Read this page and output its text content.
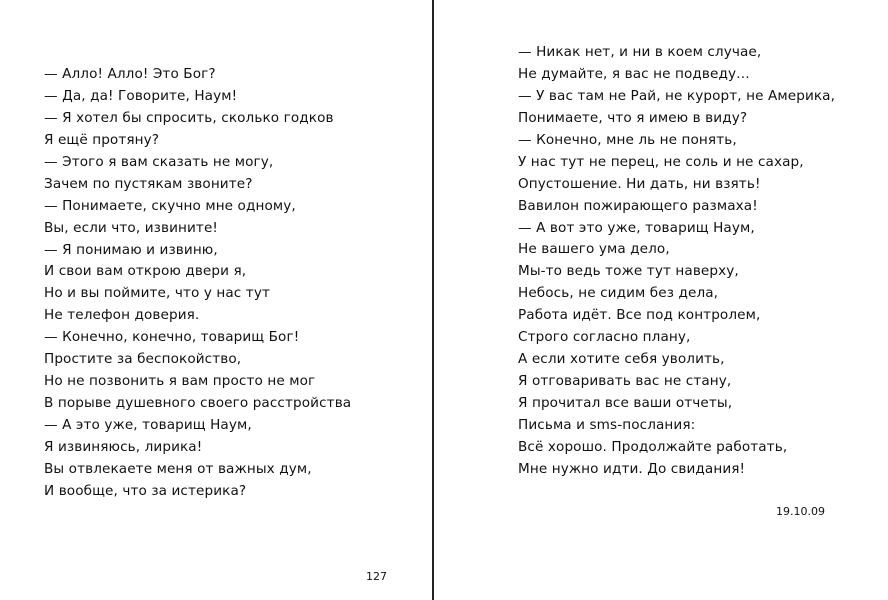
— Алло! Алло! Это Бог?
— Да, да! Говорите, Наум!
— Я хотел бы спросить, сколько годков
Я ещё протяну?
— Этого я вам сказать не могу,
Зачем по пустякам звоните?
— Понимаете, скучно мне одному,
Вы, если что, извините!
— Я понимаю и извиню,
И свои вам открою двери я,
Но и вы поймите, что у нас тут
Не телефон доверия.
— Конечно, конечно, товарищ Бог!
Простите за беспокойство,
Но не позвонить я вам просто не мог
В порыве душевного своего расстройства
— А это уже, товарищ Наум,
Я извиняюсь, лирика!
Вы отвлекаете меня от важных дум,
И вообще, что за истерика?
127
— Никак нет, и ни в коем случае,
Не думайте, я вас не подведу…
— У вас там не Рай, не курорт, не Америка,
Понимаете, что я имею в виду?
— Конечно, мне ль не понять,
У нас тут не перец, не соль и не сахар,
Опустошение. Ни дать, ни взять!
Вавилон пожирающего размаха!
— А вот это уже, товарищ Наум,
Не вашего ума дело,
Мы-то ведь тоже тут наверху,
Небось, не сидим без дела,
Работа идёт. Все под контролем,
Строго согласно плану,
А если хотите себя уволить,
Я отговаривать вас не стану,
Я прочитал все ваши отчеты,
Письма и sms-послания:
Всё хорошо. Продолжайте работать,
Мне нужно идти. До свидания!
19.10.09
